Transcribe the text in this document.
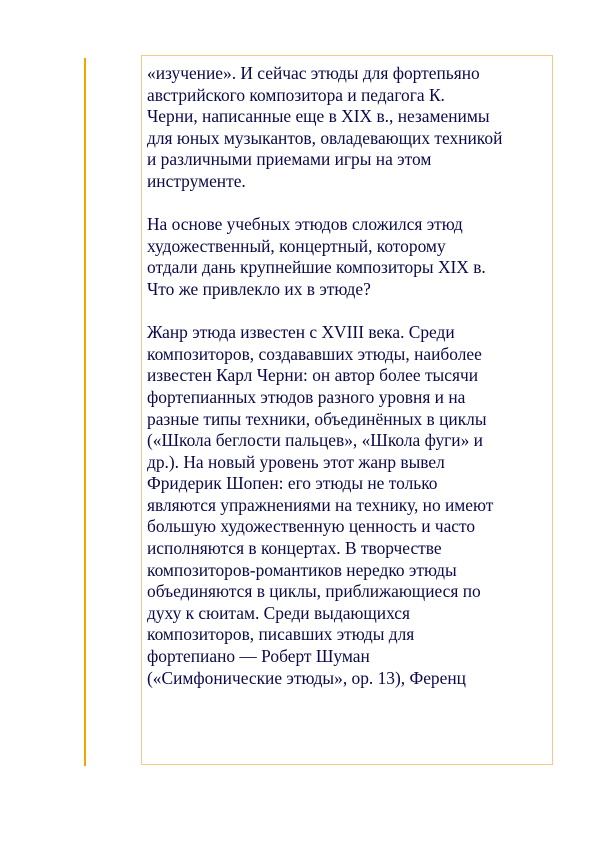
«изучение». И сейчас этюды для фортепьяно
австрийского композитора и педагога К.
Черни, написанные еще в XIX в., незаменимы
для юных музыкантов, овладевающих техникой
и различными приемами игры на этом
инструменте.

На основе учебных этюдов сложился этюд
художественный, концертный, которому
отдали дань крупнейшие композиторы XIX в.
Что же привлекло их в этюде?

Жанр этюда известен с XVIII века. Среди
композиторов, создававших этюды, наиболее
известен Карл Черни: он автор более тысячи
фортепианных этюдов разного уровня и на
разные типы техники, объединённых в циклы
(«Школа беглости пальцев», «Школа фуги» и
др.). На новый уровень этот жанр вывел
Фридерик Шопен: его этюды не только
являются упражнениями на технику, но имеют
большую художественную ценность и часто
исполняются в концертах. В творчестве
композиторов-романтиков нередко этюды
объединяются в циклы, приближающиеся по
духу к сюитам. Среди выдающихся
композиторов, писавших этюды для
фортепиано — Роберт Шуман
(«Симфонические этюды», ор. 13), Ференц
